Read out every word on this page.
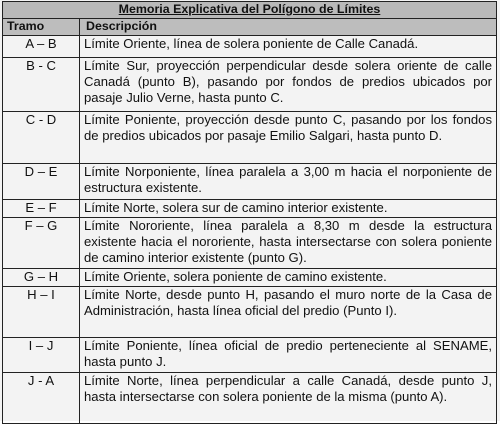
Memoria Explicativa del Polígono de Límites	
Tramo	Descripción
A – B	Límite Oriente, línea de solera poniente de Calle Canadá.
B - C	Límite Sur, proyección perpendicular desde solera oriente de calle Canadá (punto B), pasando por fondos de predios ubicados por pasaje Julio Verne, hasta punto C.
C - D	Límite Poniente, proyección desde punto C, pasando por los fondos de predios ubicados por pasaje Emilio Salgari, hasta punto D.
D – E	Límite Norponiente, línea paralela a 3,00 m hacia el norponiente de estructura existente.
E – F	Límite Norte, solera sur de camino interior existente.
F – G	Límite Nororiente, línea paralela a 8,30 m desde la estructura existente hacia el nororiente, hasta intersectarse con solera poniente de camino interior existente (punto G).
G – H	Límite Oriente, solera poniente de camino existente.
H – I	Límite Norte, desde punto H, pasando el muro norte de la Casa de Administración, hasta línea oficial del predio (Punto I).
I – J	Límite Poniente, línea oficial de predio perteneciente al SENAME, hasta punto J.
J - A	Límite Norte, línea perpendicular a calle Canadá, desde punto J, hasta intersectarse con solera poniente de la misma (punto A).
